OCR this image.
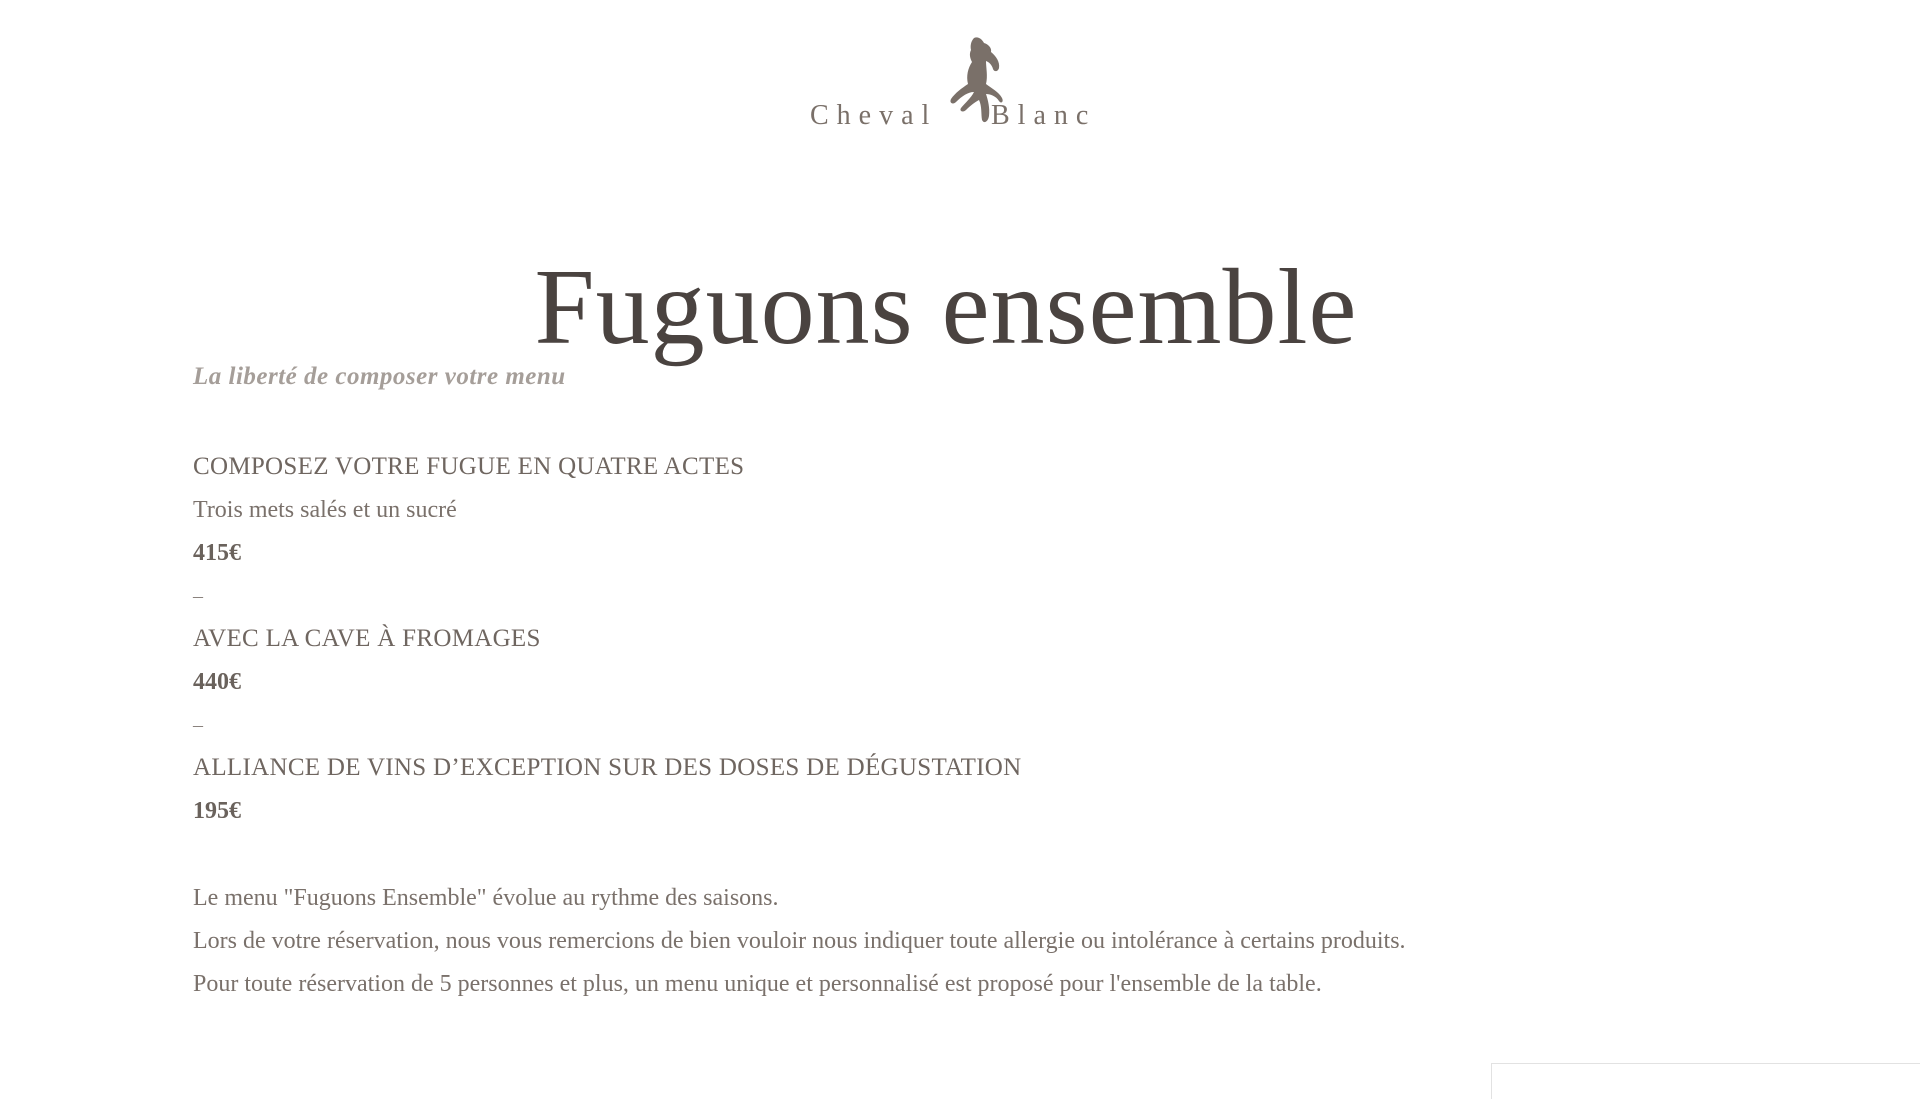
Cheval Blanc
Fuguons ensemble
La liberté de composer votre menu
COMPOSEZ VOTRE FUGUE EN QUATRE ACTES
Trois mets salés et un sucré
415€
–
AVEC LA CAVE À FROMAGES
440€
–
ALLIANCE DE VINS D’EXCEPTION SUR DES DOSES DE DÉGUSTATION
195€
Le menu "Fuguons Ensemble" évolue au rythme des saisons.
Lors de votre réservation, nous vous remercions de bien vouloir nous indiquer toute allergie ou intolérance à certains produits.
Pour toute réservation de 5 personnes et plus, un menu unique et personnalisé est proposé pour l'ensemble de la table.
